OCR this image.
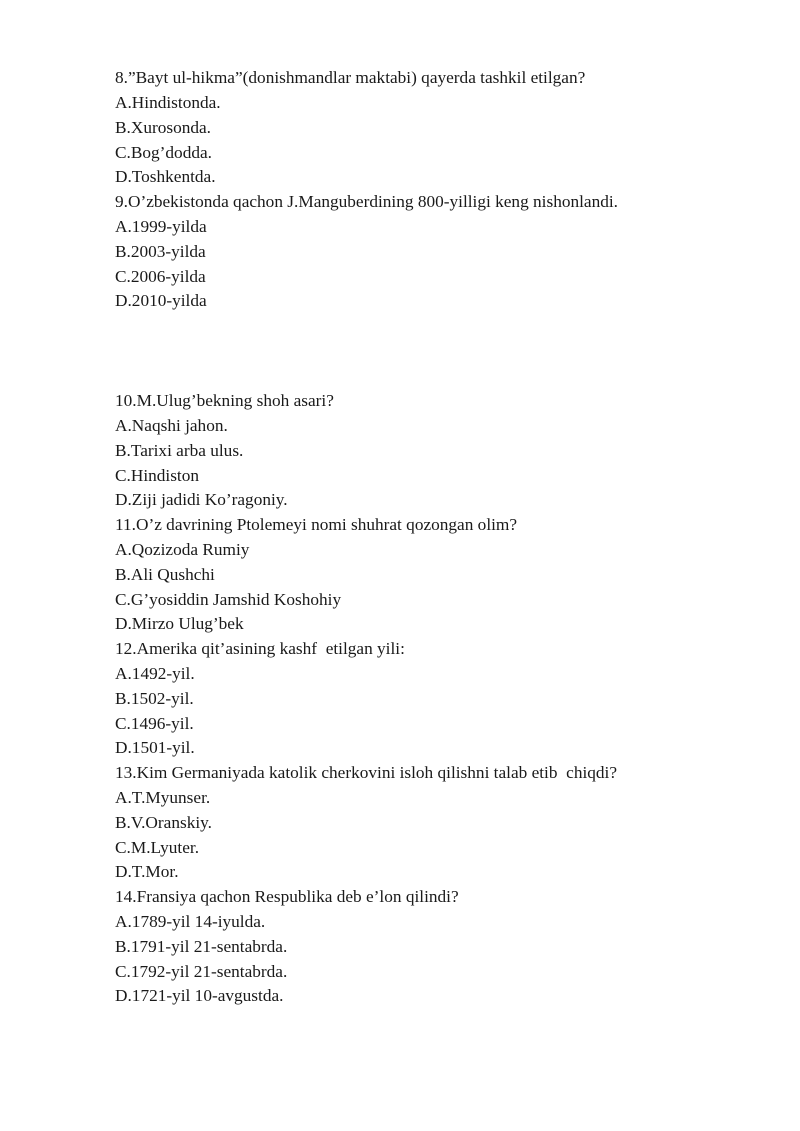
8.”Bayt ul-hikma”(donishmandlar maktabi) qayerda tashkil etilgan?
A.Hindistonda.
B.Xurosonda.
C.Bog’dodda.
D.Toshkentda.
9.O’zbekistonda qachon J.Manguberdining 800-yilligi keng nishonlandi.
A.1999-yilda
B.2003-yilda
C.2006-yilda
D.2010-yilda
10.M.Ulug’bekning shoh asari?
A.Naqshi jahon.
B.Tarixi arba ulus.
C.Hindiston
D.Ziji jadidi Ko’ragoniy.
11.O’z davrining Ptolemeyi nomi shuhrat qozongan olim?
A.Qozizoda Rumiy
B.Ali Qushchi
C.G’yosiddin Jamshid Koshohiy
D.Mirzo Ulug’bek
12.Amerika qit’asining kashf  etilgan yili:
A.1492-yil.
B.1502-yil.
C.1496-yil.
D.1501-yil.
13.Kim Germaniyada katolik cherkovini isloh qilishni talab etib  chiqdi?
A.T.Myunser.
B.V.Oranskiy.
C.M.Lyuter.
D.T.Mor.
14.Fransiya qachon Respublika deb e’lon qilindi?
A.1789-yil 14-iyulda.
B.1791-yil 21-sentabrda.
C.1792-yil 21-sentabrda.
D.1721-yil 10-avgustda.
